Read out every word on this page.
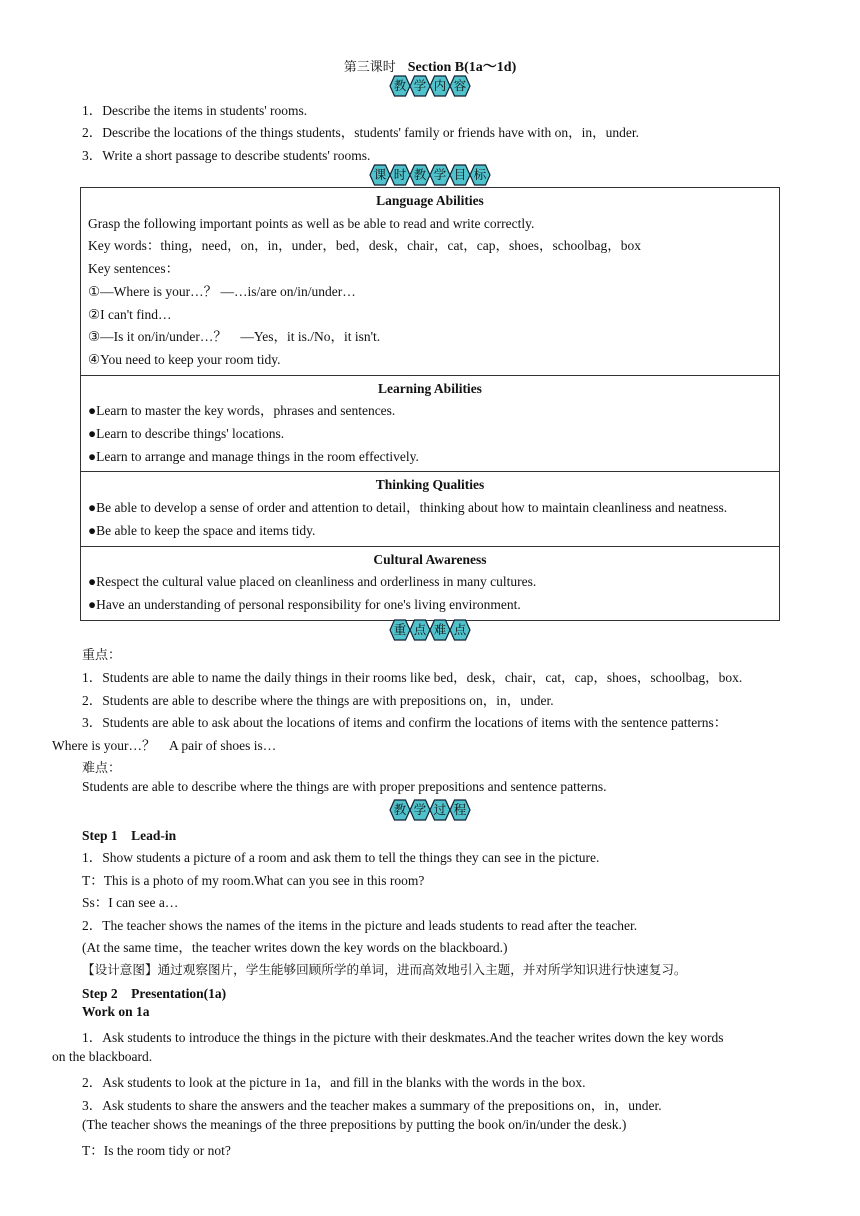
第三课时 Section B(1a～1d)
教 学 内 容
1．Describe the items in students' rooms.
2．Describe the locations of the things students，students' family or friends have with on，in，under.
3．Write a short passage to describe students' rooms.
课 时 教 学 目 标
Language Abilities
Grasp the following important points as well as be able to read and write correctly.
Key words：thing，need，on，in，under，bed，desk，chair，cat，cap，shoes，schoolbag，box
Key sentences：
①—Where is your…？ —…is/are on/in/under…
②I can't find…
③—Is it on/in/under…？　—Yes，it is./No，it isn't.
④You need to keep your room tidy.

Learning Abilities
●Learn to master the key words，phrases and sentences.
●Learn to describe things' locations.
●Learn to arrange and manage things in the room effectively.

Thinking Qualities
●Be able to develop a sense of order and attention to detail，thinking about how to maintain cleanliness and neatness.
●Be able to keep the space and items tidy.

Cultural Awareness
●Respect the cultural value placed on cleanliness and orderliness in many cultures.
●Have an understanding of personal responsibility for one's living environment.
重 点 难 点
重点：
1．Students are able to name the daily things in their rooms like bed，desk，chair，cat，cap，shoes，schoolbag，box.
2．Students are able to describe where the things are with prepositions on，in，under.
3．Students are able to ask about the locations of items and confirm the locations of items with the sentence patterns：
Where is your…？　A pair of shoes is…
难点：
Students are able to describe where the things are with proper prepositions and sentence patterns.
教 学 过 程
Step 1　Lead-in
1．Show students a picture of a room and ask them to tell the things they can see in the picture.
T：This is a photo of my room.What can you see in this room?
Ss：I can see a…
2．The teacher shows the names of the items in the picture and leads students to read after the teacher.
(At the same time，the teacher writes down the key words on the blackboard.)
【设计意图】通过观察图片，学生能够回顾所学的单词，进而高效地引入主题，并对所学知识进行快速复习。
Step 2　Presentation(1a)
Work on 1a
1．Ask students to introduce the things in the picture with their deskmates.And the teacher writes down the key words
on the blackboard.
2．Ask students to look at the picture in 1a，and fill in the blanks with the words in the box.
3．Ask students to share the answers and the teacher makes a summary of the prepositions on，in，under.
(The teacher shows the meanings of the three prepositions by putting the book on/in/under the desk.)
T：Is the room tidy or not?
